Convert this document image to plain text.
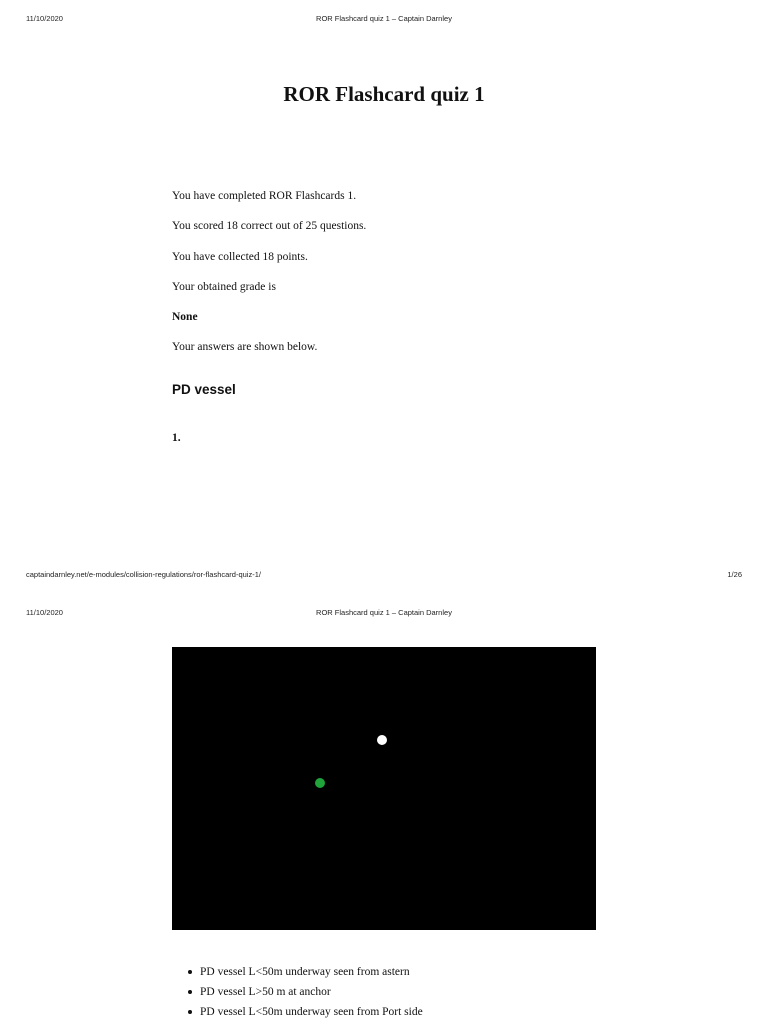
11/10/2020	ROR Flashcard quiz 1 – Captain Darnley
ROR Flashcard quiz 1
You have completed ROR Flashcards 1.
You scored 18 correct out of 25 questions.
You have collected 18 points.
Your obtained grade is
None
Your answers are shown below.
PD vessel
1.
captaindarnley.net/e-modules/collision-regulations/ror-flashcard-quiz-1/	1/26
11/10/2020	ROR Flashcard quiz 1 – Captain Darnley
PD vessel L<50m underway seen from astern
PD vessel L>50 m at anchor
PD vessel L<50m underway seen from Port side
